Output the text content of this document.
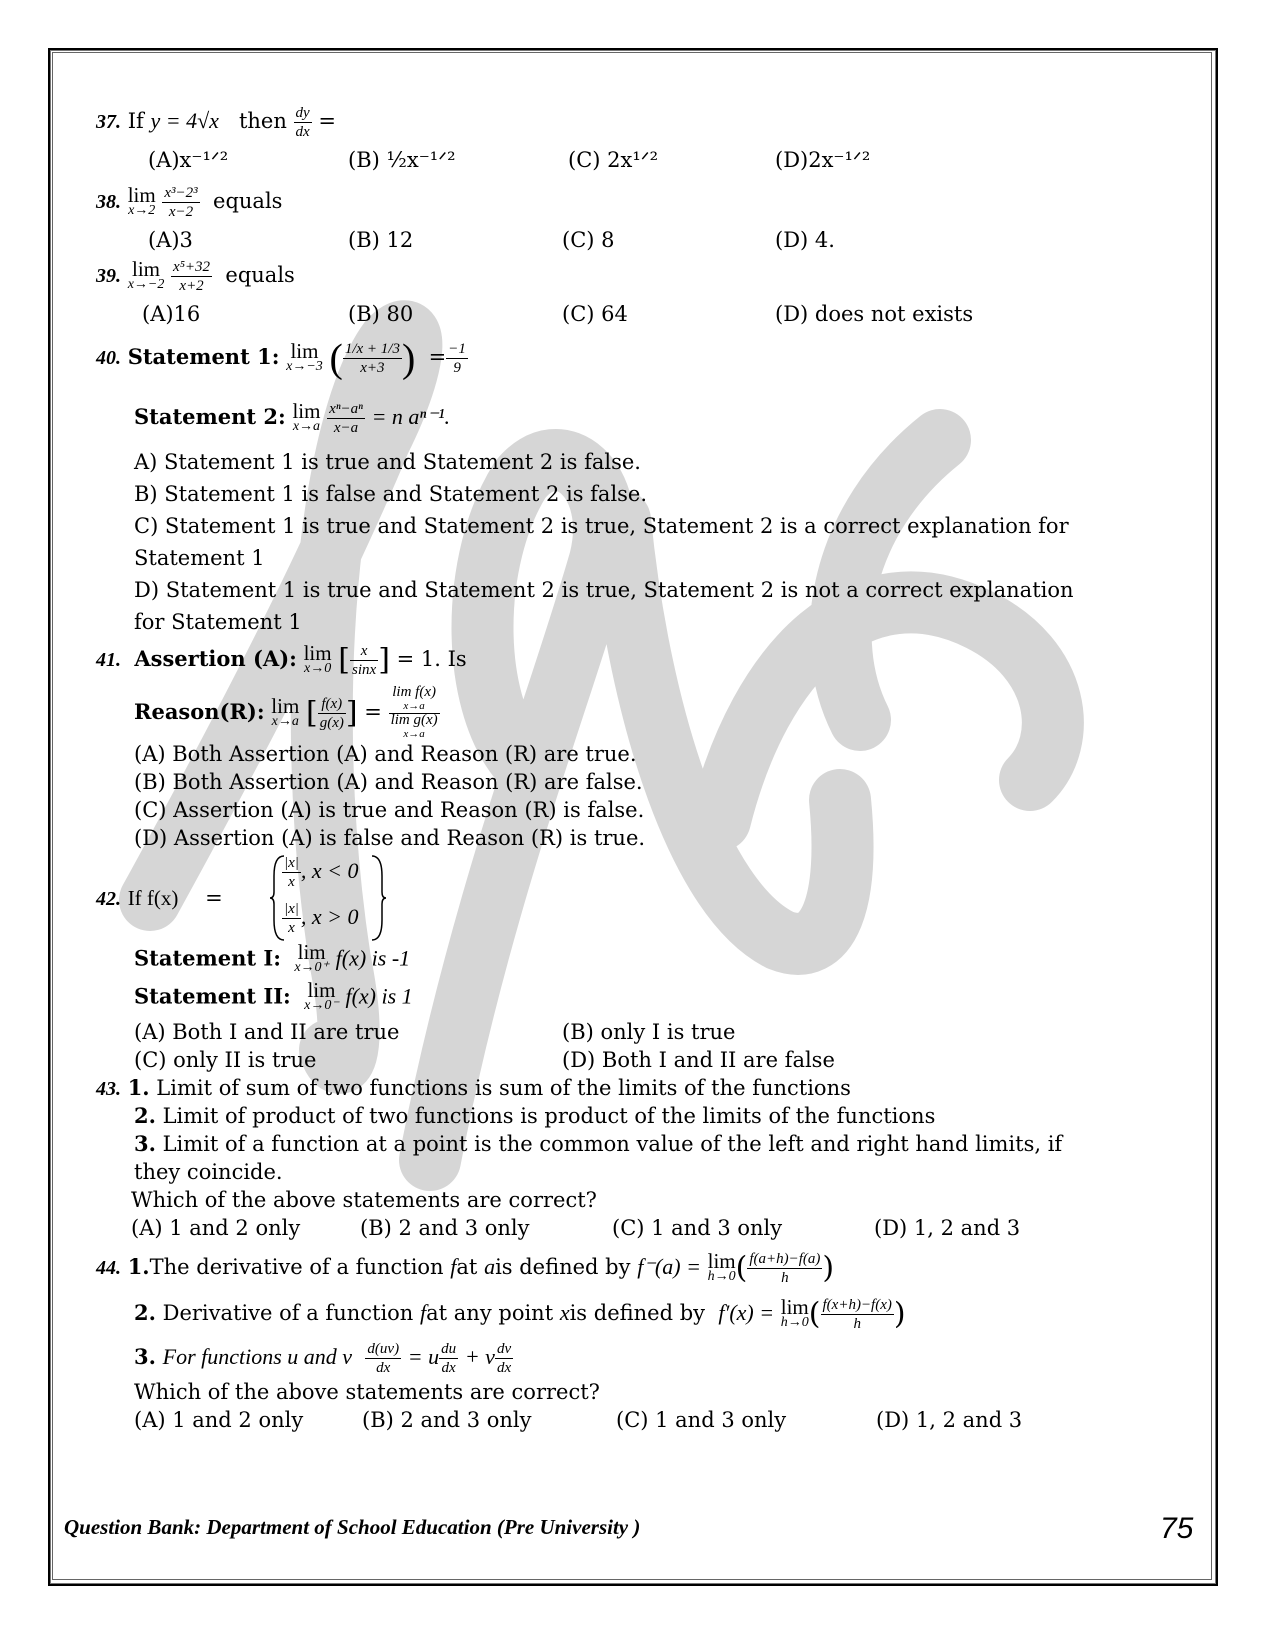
37. If y = 4√x then $\frac{dy}{dx}$ =
(A)x⁻¹ᐟ²	(B) ½x⁻¹ᐟ²	(C) 2x¹ᐟ²	(D)2x⁻¹ᐟ²
38. lim
x→2
$\frac{\text{x³−2³}}{x-2}$ equals
(A)3	(B) 12	(C) 8	(D) 4.
39. lim
x→−2
$\frac{\text{x⁵+32}}{x+2}$ equals
(A)16	(B) 80	(C) 64	(D) does not exists
40. Statement 1: lim
x→−3 ( $\frac{1/x + 1/3}{x+3}$ ) = $\frac{-1}{9}$
Statement 2: lim
x→a
$\frac{\text{xⁿ−aⁿ}}{x-a} = n$ aⁿ⁻¹.
A) Statement 1 is true and Statement 2 is false.
B) Statement 1 is false and Statement 2 is false.
C) Statement 1 is true and Statement 2 is true, Statement 2 is a correct explanation for
Statement 1
D) Statement 1 is true and Statement 2 is true, Statement 2 is not a correct explanation
for Statement 1
41. Assertion (A): lim
x→0 [ $\frac{x}{\sin x}$ ] = 1. Is
Reason(R): lim
x→a [ $\frac{f(x)}{g(x)}$ ] =
lim f(x)
x→a
lim g(x)
x→a
(A) Both Assertion (A) and Reason (R) are true.
(B) Both Assertion (A) and Reason (R) are false.
(C) Assertion (A) is true and Reason (R) is false.
(D) Assertion (A) is false and Reason (R) is true.
42. If f(x) =
$\frac{|x|}{x}$ , x < 0
$\frac{|x|}{x}$ , x > 0
Statement I: lim
x→0⁺ f(x) is -1
Statement II: lim
x→0⁻ f(x) is 1
(A) Both I and II are true	(B) only I is true
(C) only II is true	(D) Both I and II are false
43. 1. Limit of sum of two functions is sum of the limits of the functions
2. Limit of product of two functions is product of the limits of the functions
3. Limit of a function at a point is the common value of the left and right hand limits, if
they coincide.
Which of the above statements are correct?
(A) 1 and 2 only	(B) 2 and 3 only	(C) 1 and 3 only	(D) 1, 2 and 3
44. 1.The derivative of a function fat ais defined by f⁻(a) = lim
h→0 ( $\frac{f(a+h)-f(a)}{h}$ )
2. Derivative of a function fat any point xis defined by f′(x) = lim
h→0 ( $\frac{f(x+h)-f(x)}{h}$ )
3. For functions u and v $\frac{d(uv)}{dx} = u \frac{du}{dx} + v \frac{dv}{dx}$
Which of the above statements are correct?
(A) 1 and 2 only	(B) 2 and 3 only	(C) 1 and 3 only	(D) 1, 2 and 3
Question Bank: Department of School Education (Pre University )	75
